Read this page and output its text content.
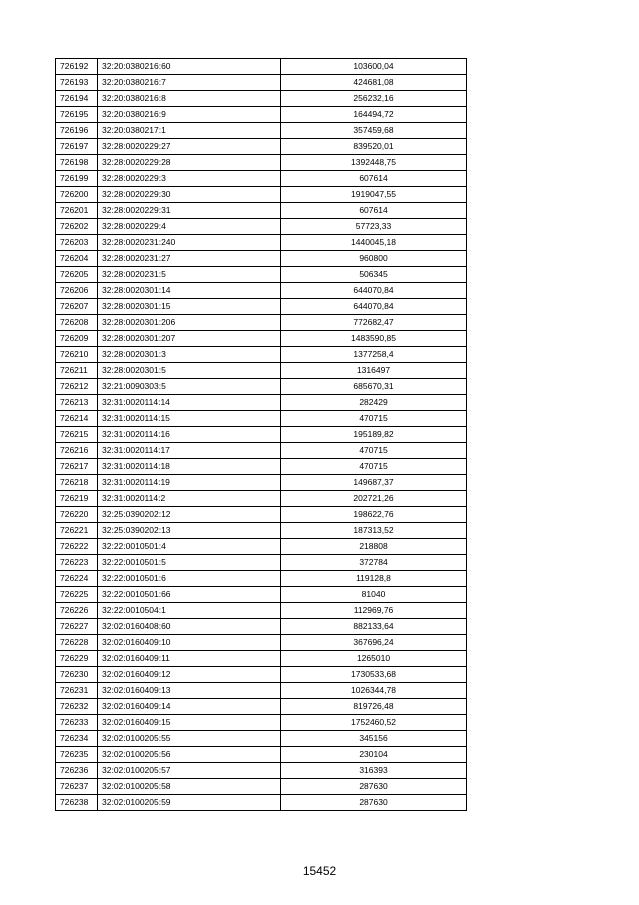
726192	32:20:0380216:60	103600,04
726193	32:20:0380216:7	424681,08
726194	32:20:0380216:8	256232,16
726195	32:20:0380216:9	164494,72
726196	32:20:0380217:1	357459,68
726197	32:28:0020229:27	839520,01
726198	32:28:0020229:28	1392448,75
726199	32:28:0020229:3	607614
726200	32:28:0020229:30	1919047,55
726201	32:28:0020229:31	607614
726202	32:28:0020229:4	57723,33
726203	32:28:0020231:240	1440045,18
726204	32:28:0020231:27	960800
726205	32:28:0020231:5	506345
726206	32:28:0020301:14	644070,84
726207	32:28:0020301:15	644070,84
726208	32:28:0020301:206	772682,47
726209	32:28:0020301:207	1483590,85
726210	32:28:0020301:3	1377258,4
726211	32:28:0020301:5	1316497
726212	32:21:0090303:5	685670,31
726213	32:31:0020114:14	282429
726214	32:31:0020114:15	470715
726215	32:31:0020114:16	195189,82
726216	32:31:0020114:17	470715
726217	32:31:0020114:18	470715
726218	32:31:0020114:19	149687,37
726219	32:31:0020114:2	202721,26
726220	32:25:0390202:12	198622,76
726221	32:25:0390202:13	187313,52
726222	32:22:0010501:4	218808
726223	32:22:0010501:5	372784
726224	32:22:0010501:6	119128,8
726225	32:22:0010501:66	81040
726226	32:22:0010504:1	112969,76
726227	32:02:0160408:60	882133,64
726228	32:02:0160409:10	367696,24
726229	32:02:0160409:11	1265010
726230	32:02:0160409:12	1730533,68
726231	32:02:0160409:13	1026344,78
726232	32:02:0160409:14	819726,48
726233	32:02:0160409:15	1752460,52
726234	32:02:0100205:55	345156
726235	32:02:0100205:56	230104
726236	32:02:0100205:57	316393
726237	32:02:0100205:58	287630
726238	32:02:0100205:59	287630
15452
